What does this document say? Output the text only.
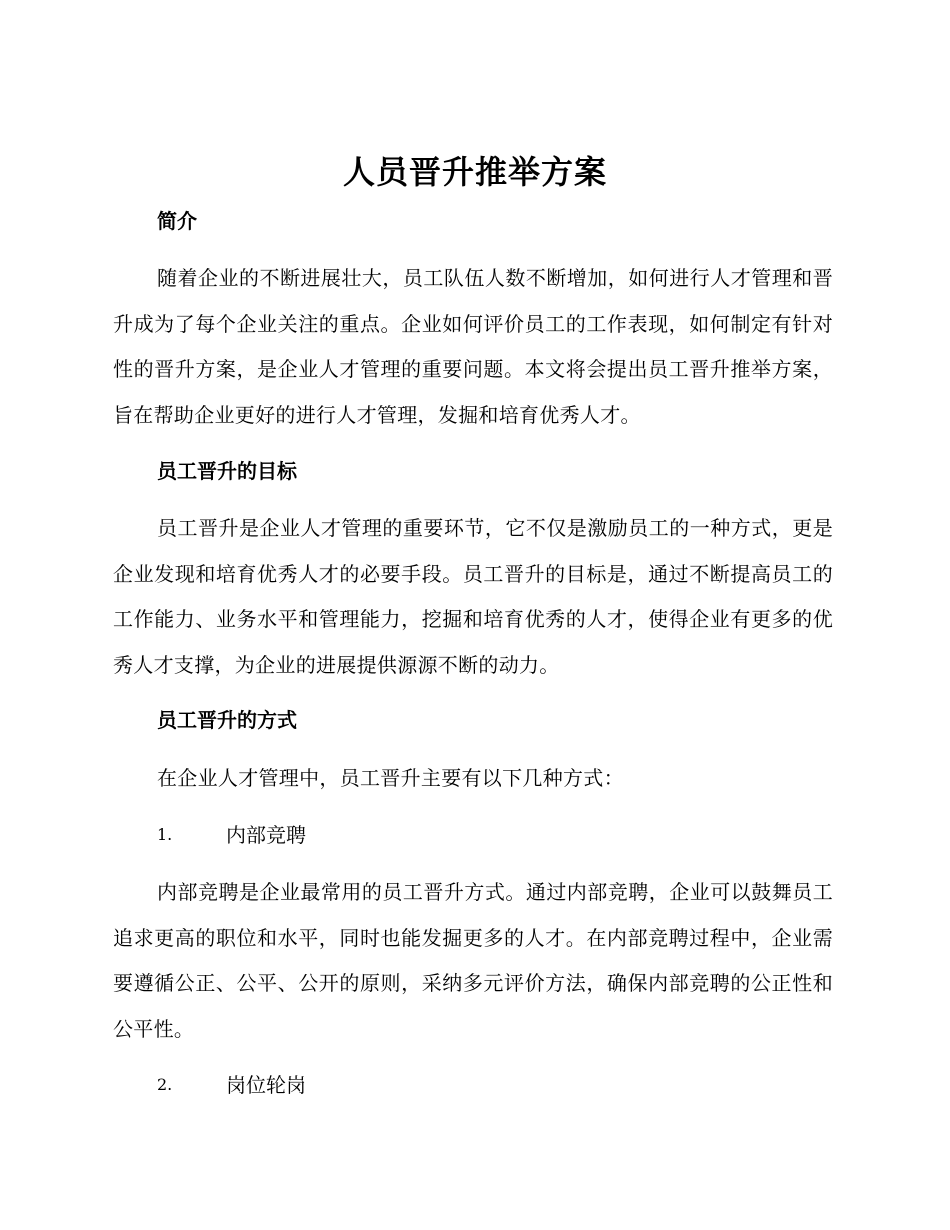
人员晋升推举方案
简介
随着企业的不断进展壮大，员工队伍人数不断增加，如何进行人才管理和晋升成为了每个企业关注的重点。企业如何评价员工的工作表现，如何制定有针对性的晋升方案，是企业人才管理的重要问题。本文将会提出员工晋升推举方案，旨在帮助企业更好的进行人才管理，发掘和培育优秀人才。
员工晋升的目标
员工晋升是企业人才管理的重要环节，它不仅是激励员工的一种方式，更是企业发现和培育优秀人才的必要手段。员工晋升的目标是，通过不断提高员工的工作能力、业务水平和管理能力，挖掘和培育优秀的人才，使得企业有更多的优秀人才支撑，为企业的进展提供源源不断的动力。
员工晋升的方式
在企业人才管理中，员工晋升主要有以下几种方式：
1.	内部竞聘
内部竞聘是企业最常用的员工晋升方式。通过内部竞聘，企业可以鼓舞员工追求更高的职位和水平，同时也能发掘更多的人才。在内部竞聘过程中，企业需要遵循公正、公平、公开的原则，采纳多元评价方法，确保内部竞聘的公正性和公平性。
2.	岗位轮岗
